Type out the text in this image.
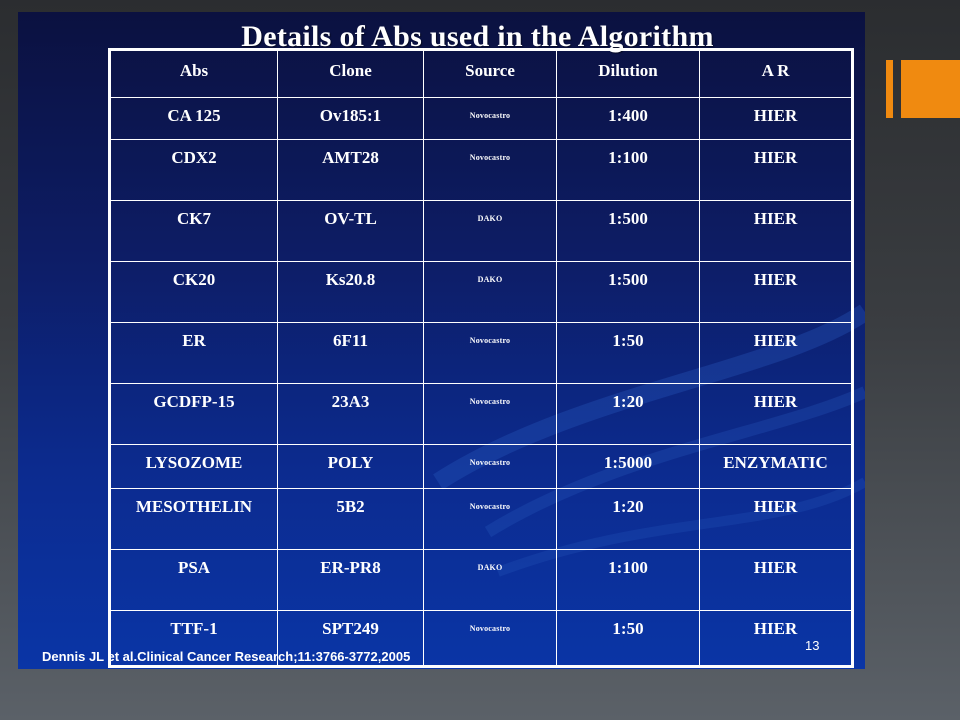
Details of Abs used in the Algorithm
Abs	Clone	Source	Dilution	A R
CA 125	Ov185:1	Novocastro	1:400	HIER
CDX2	AMT28	Novocastro	1:100	HIER
CK7	OV-TL	DAKO	1:500	HIER
CK20	Ks20.8	DAKO	1:500	HIER
ER	6F11	Novocastro	1:50	HIER
GCDFP-15	23A3	Novocastro	1:20	HIER
LYSOZOME	POLY	Novocastro	1:5000	ENZYMATIC
MESOTHELIN	5B2	Novocastro	1:20	HIER
PSA	ER-PR8	DAKO	1:100	HIER
TTF-1	SPT249	Novocastro	1:50	HIER
13
Dennis JL et al.Clinical Cancer Research;11:3766-3772,2005
